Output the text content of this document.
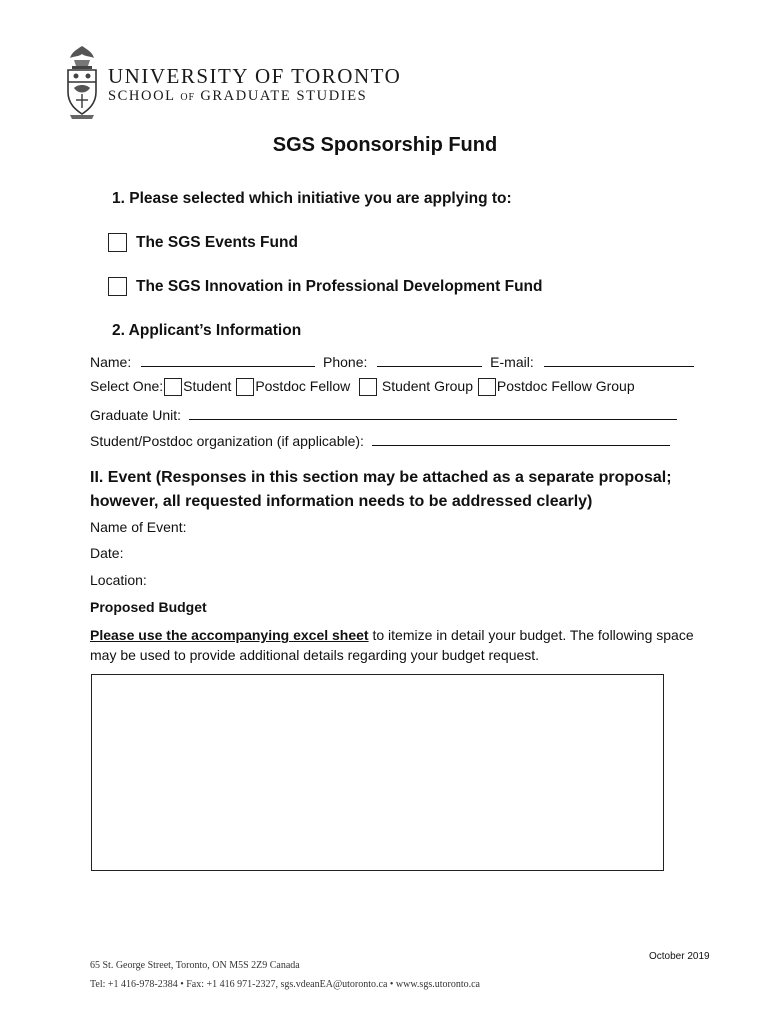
UNIVERSITY OF TORONTO
SCHOOL OF GRADUATE STUDIES
SGS Sponsorship Fund
1. Please selected which initiative you are applying to:
The SGS Events Fund
The SGS Innovation in Professional Development Fund
2. Applicant’s Information
Name:	Phone:	E-mail:
Select One: Student Postdoc Fellow Student Group Postdoc Fellow Group
Graduate Unit:
Student/Postdoc organization (if applicable):
II. Event (Responses in this section may be attached as a separate proposal; however, all requested information needs to be addressed clearly)
Name of Event:
Date:
Location:
Proposed Budget
Please use the accompanying excel sheet to itemize in detail your budget. The following space may be used to provide additional details regarding your budget request.
October 2019
65 St. George Street, Toronto, ON M5S 2Z9 Canada
Tel: +1 416-978-2384 • Fax: +1 416 971-2327, sgs.vdeanEA@utoronto.ca • www.sgs.utoronto.ca
